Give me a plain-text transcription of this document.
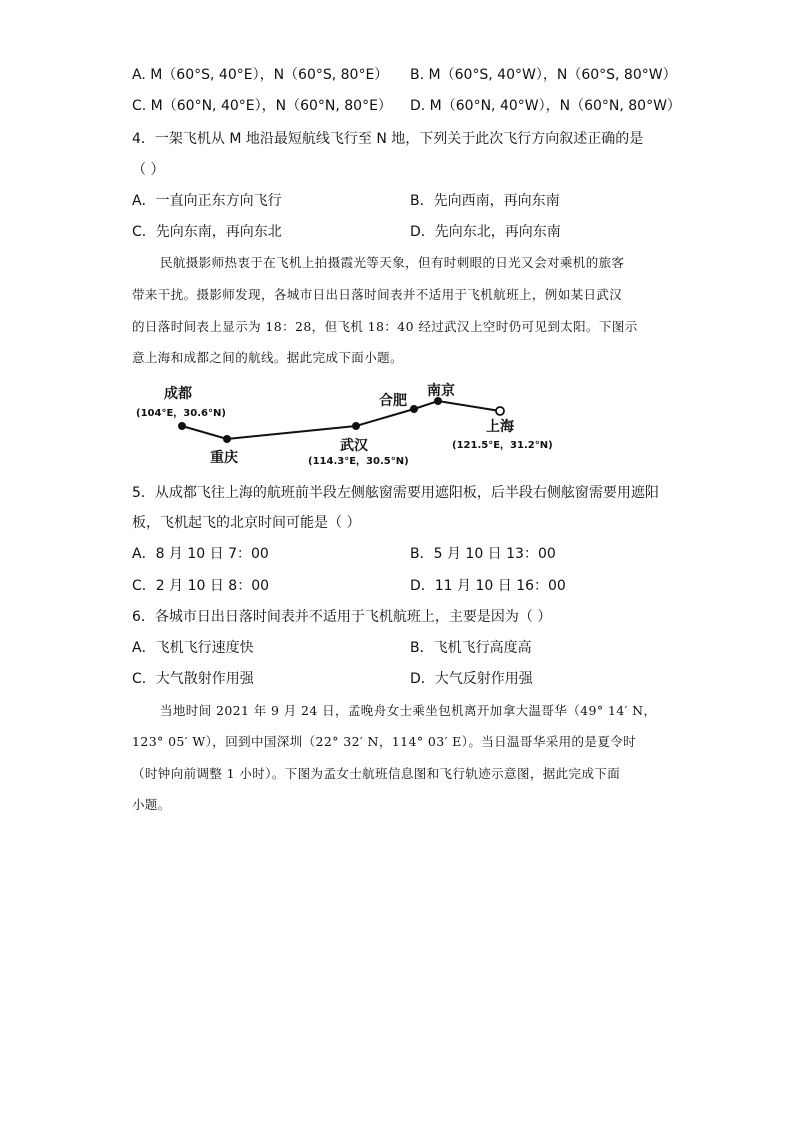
A. M（60°S, 40°E），N（60°S, 80°E） B. M（60°S, 40°W），N（60°S, 80°W）
C. M（60°N, 40°E），N（60°N, 80°E） D. M（60°N, 40°W），N（60°N, 80°W）
4．一架飞机从 M 地沿最短航线飞行至 N 地，下列关于此次飞行方向叙述正确的是
（ ）
A．一直向正东方向飞行	B．先向西南，再向东南
C．先向东南，再向东北	D．先向东北，再向东南
民航摄影师热衷于在飞机上拍摄霞光等天象，但有时刺眼的日光又会对乘机的旅客
带来干扰。摄影师发现，各城市日出日落时间表并不适用于飞机航班上，例如某日武汉
的日落时间表上显示为 18：28，但飞机 18：40 经过武汉上空时仍可见到太阳。下图示
意上海和成都之间的航线。据此完成下面小题。
成都
(104°E，30.6°N)
重庆
武汉
(114.3°E，30.5°N)
合肥
南京
上海
(121.5°E，31.2°N)
5．从成都飞往上海的航班前半段左侧舷窗需要用遮阳板，后半段右侧舷窗需要用遮阳
板，飞机起飞的北京时间可能是（ ）
A．8 月 10 日 7：00	B．5 月 10 日 13：00
C．2 月 10 日 8：00	D．11 月 10 日 16：00
6．各城市日出日落时间表并不适用于飞机航班上，主要是因为（ ）
A．飞机飞行速度快	B．飞机飞行高度高
C．大气散射作用强	D．大气反射作用强
当地时间 2021 年 9 月 24 日，孟晚舟女士乘坐包机离开加拿大温哥华（49° 14′ N，
123° 05′ W），回到中国深圳（22° 32′ N，114° 03′ E）。当日温哥华采用的是夏令时
（时钟向前调整 1 小时）。下图为孟女士航班信息图和飞行轨迹示意图，据此完成下面
小题。
